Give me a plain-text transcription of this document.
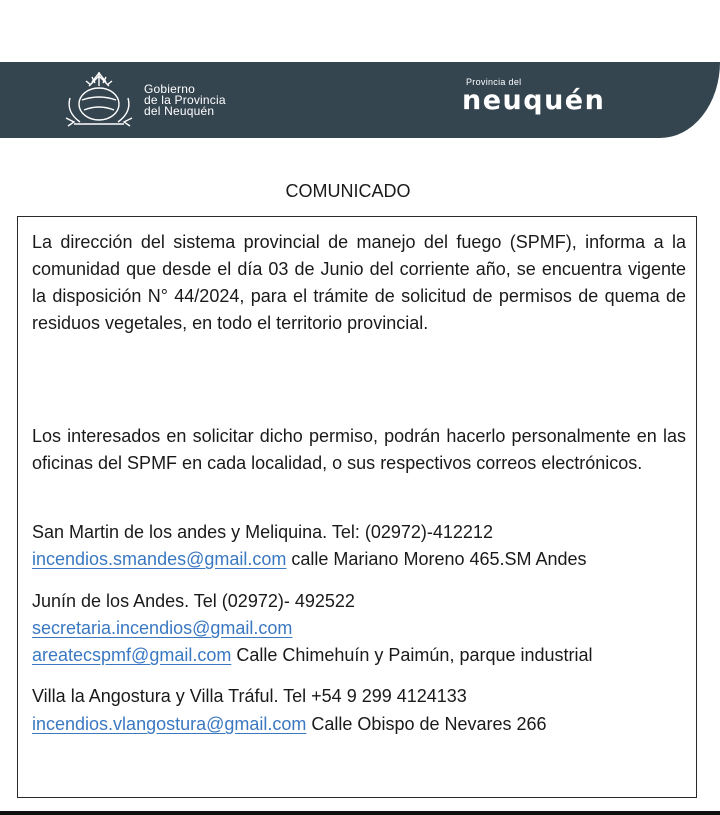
Gobierno
de la Provincia
del Neuquén
Provincia del
neuquén
COMUNICADO

La dirección del sistema provincial de manejo del fuego (SPMF), informa a la comunidad que desde el día 03 de Junio del corriente año, se encuentra vigente la disposición N° 44/2024, para el trámite de solicitud de permisos de quema de residuos vegetales, en todo el territorio provincial.

Los interesados en solicitar dicho permiso, podrán hacerlo personalmente en las oficinas del SPMF en cada localidad, o sus respectivos correos electrónicos.

San Martin de los andes y Meliquina. Tel: (02972)-412212
incendios.smandes@gmail.com calle Mariano Moreno 465.SM Andes
Junín de los Andes. Tel (02972)- 492522
secretaria.incendios@gmail.com
areatecspmf@gmail.com Calle Chimehuín y Paimún, parque industrial
Villa la Angostura y Villa Tráful. Tel +54 9 299 4124133
incendios.vlangostura@gmail.com Calle Obispo de Nevares 266
